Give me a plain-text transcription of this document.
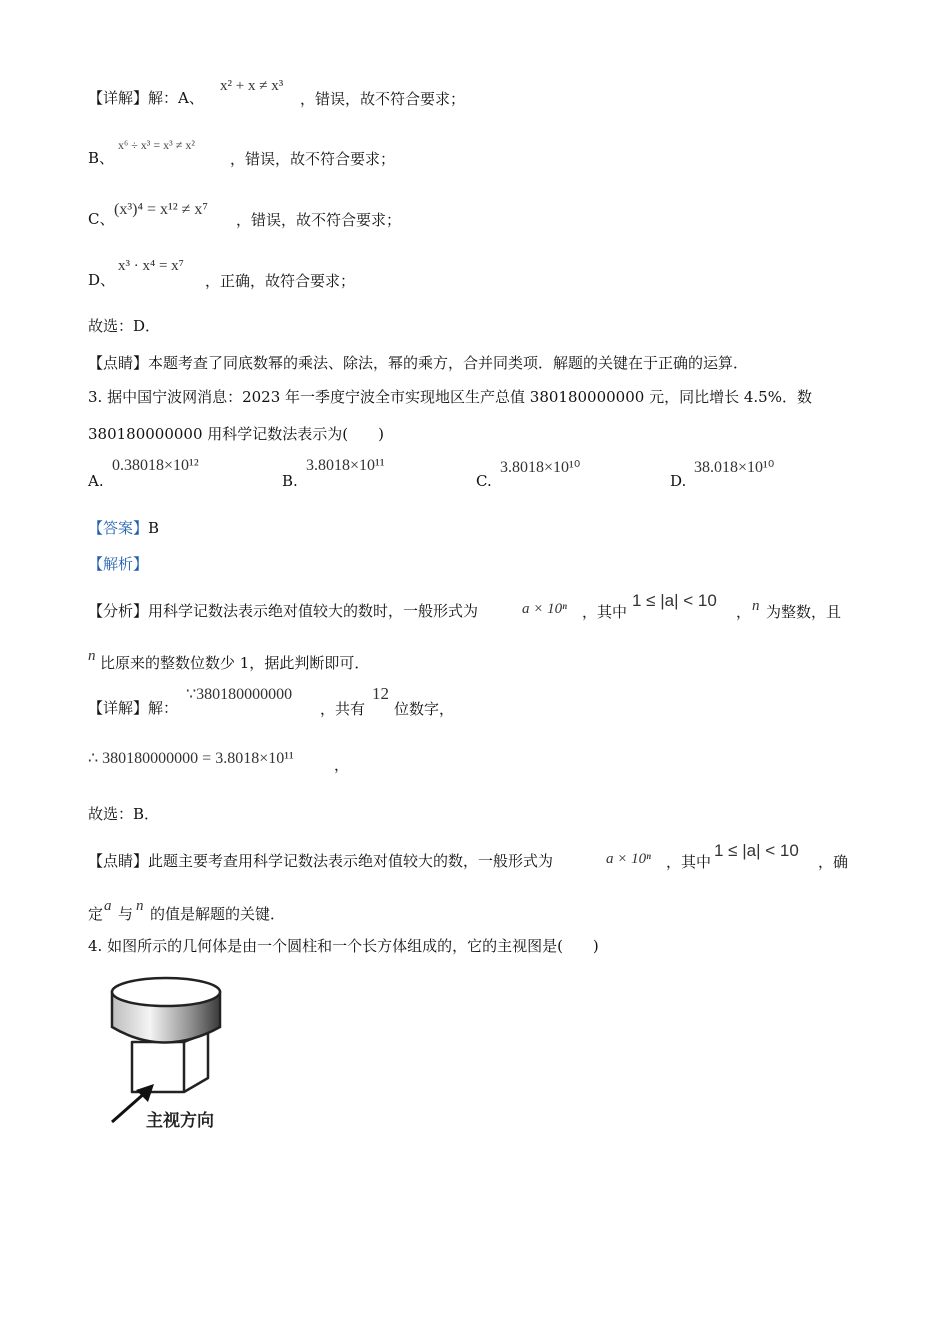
【详解】解：A、
x² + x ≠ x³
，错误，故不符合要求；
B、
x⁶ ÷ x³ = x³ ≠ x²
，错误，故不符合要求；
C、
(x³)⁴ = x¹² ≠ x⁷
，错误，故不符合要求；
D、
x³ · x⁴ = x⁷
，正确，故符合要求；
故选：D．
【点睛】本题考查了同底数幂的乘法、除法，幂的乘方，合并同类项．解题的关键在于正确的运算．
3. 据中国宁波网消息：2023 年一季度宁波全市实现地区生产总值 380180000000 元，同比增长 4.5%．数
380180000000 用科学记数法表示为(　　)
A.
0.38018×10¹²
B.
3.8018×10¹¹
C.
3.8018×10¹⁰
D.
38.018×10¹⁰
【答案】B
【解析】
【分析】用科学记数法表示绝对值较大的数时，一般形式为	a × 10ⁿ ，其中
1 ≤ |a| < 10
， n 为整数，且
n 比原来的整数位数少 1，据此判断即可．
【详解】解：
∵380180000000
，共有
12
位数字，
∴ 380180000000 = 3.8018×10¹¹	，
故选：B．
【点睛】此题主要考查用科学记数法表示绝对值较大的数，一般形式为	a × 10ⁿ ，其中
1 ≤ |a| < 10
，确
定 a 与 n 的值是解题的关键．
4. 如图所示的几何体是由一个圆柱和一个长方体组成的，它的主视图是(　　)
主视方向
